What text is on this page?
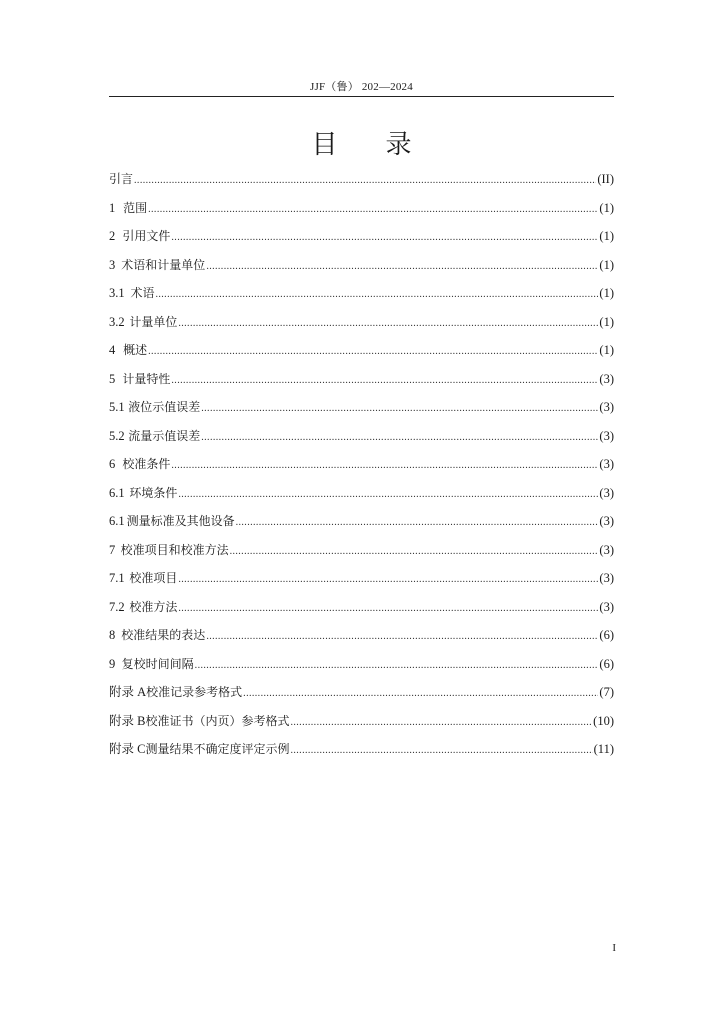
JJF（鲁） 202—2024
目录
引言 .....	(II)
1 范围 .....	(1)
2 引用文件 .....	(1)
3 术语和计量单位 .....	(1)
3.1 术语 .....	(1)
3.2 计量单位 .....	(1)
4 概述 .....	(1)
5 计量特性 .....	(3)
5.1 液位示值误差 .....	(3)
5.2 流量示值误差 .....	(3)
6 校准条件 .....	(3)
6.1 环境条件 .....	(3)
6.1 测量标准及其他设备 .....	(3)
7 校准项目和校准方法 .....	(3)
7.1 校准项目 .....	(3)
7.2 校准方法 .....	(3)
8 校准结果的表达 .....	(6)
9 复校时间间隔 .....	(6)
附录 A 校准记录参考格式 .....	(7)
附录 B 校准证书（内页）参考格式 .....	(10)
附录 C 测量结果不确定度评定示例 .....	(11)
I
